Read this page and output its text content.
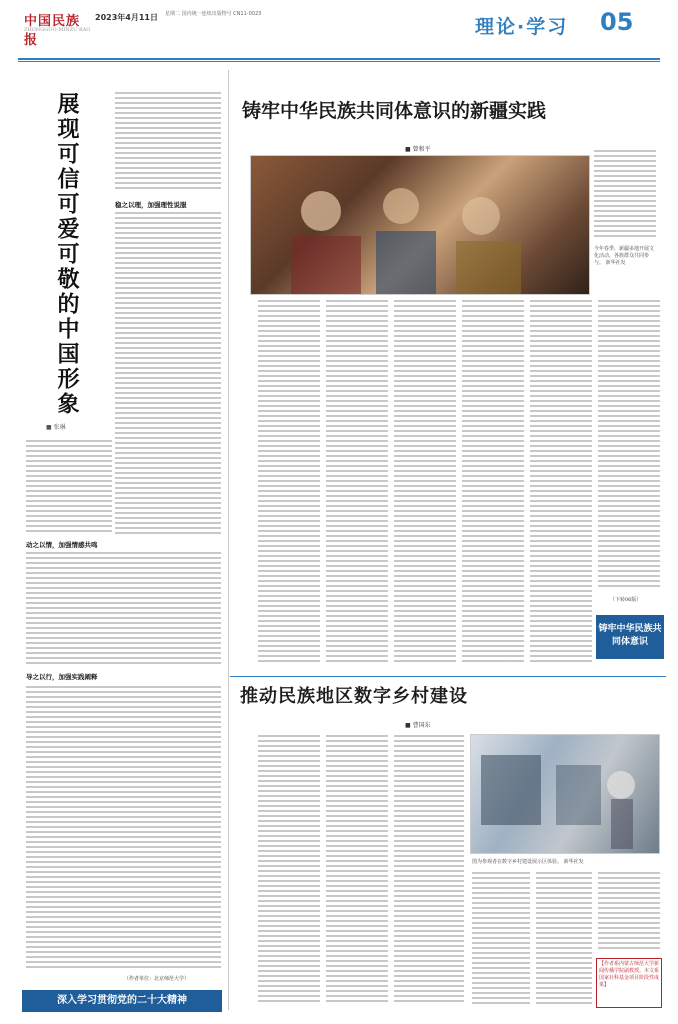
中国民族报
ZHONGGUO MINZU BAO
2023年4月11日 星期二 国内统一连续出版物号 CN11-0023
理论·学习 05
展现可信可爱可敬的中国形象
■ 张琳
稳之以理，加强理性说服
动之以情，加强情感共鸣
导之以行，加强实践阐释
（作者单位：北京师范大学）
深入学习贯彻党的二十大精神
铸牢中华民族共同体意识的新疆实践
■ 曾和平
今年春季，新疆多地开展文化活动，各族群众共同参与。 新华社发
（下转06版）
铸牢中华民族共同体意识
推动民族地区数字乡村建设
■ 曹国东
图为参观者在数字乡村建设展示区体验。 新华社发
【作者系内蒙古师范大学新闻传播学院副教授。本文系国家社科基金项目阶段性成果】
